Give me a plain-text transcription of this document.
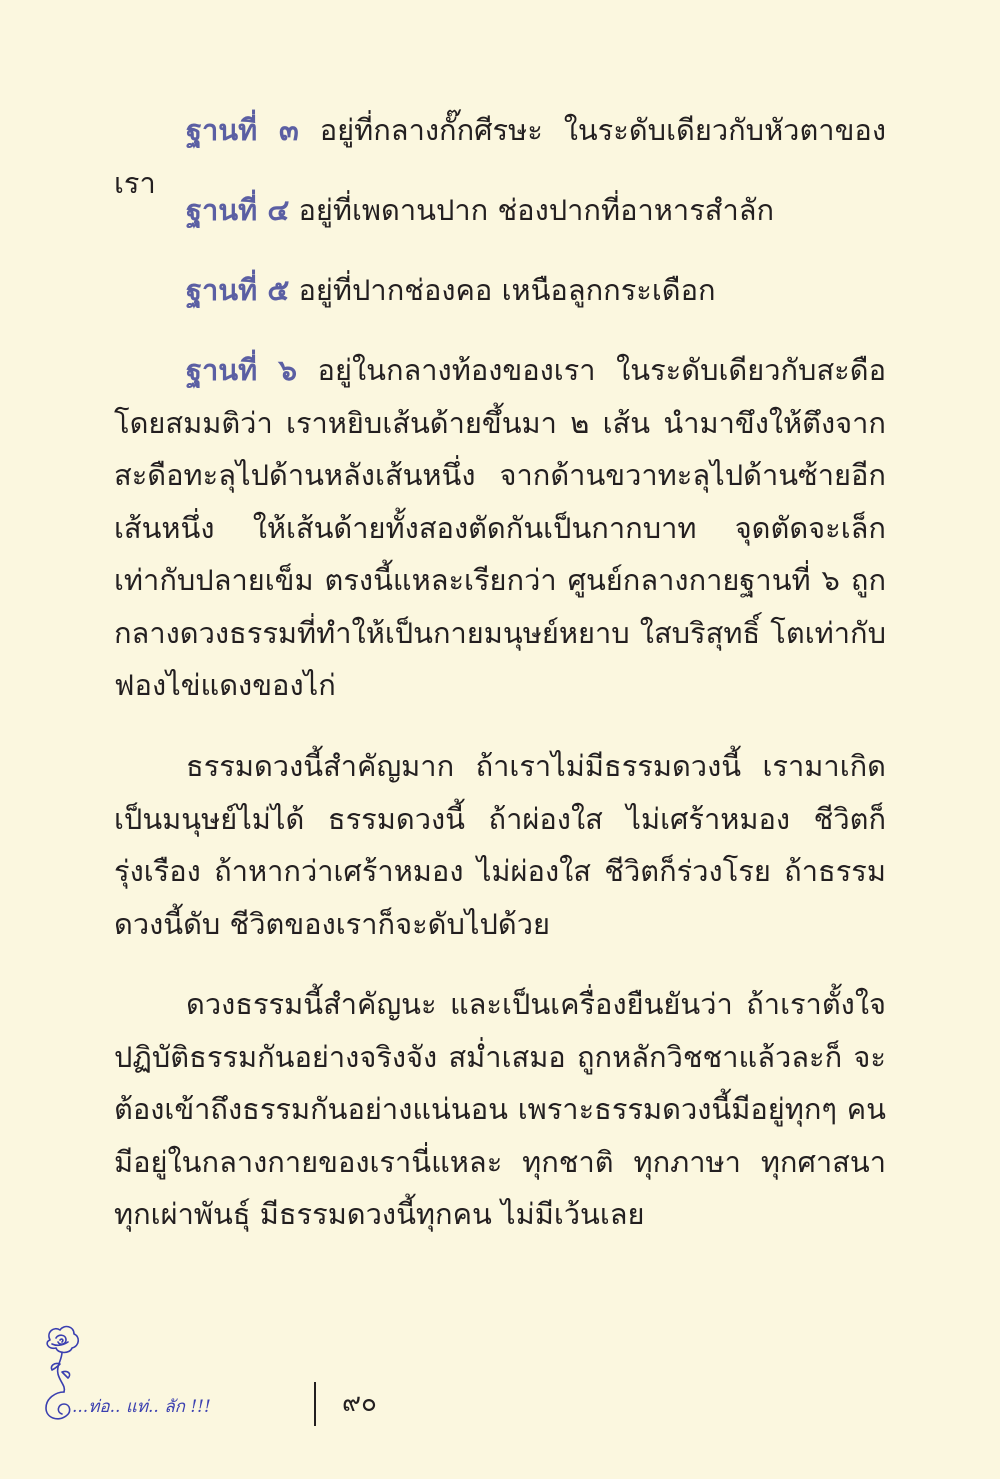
ฐานที่ ๓ อยู่ที่กลางกั๊กศีรษะ ในระดับเดียวกับหัวตาของเรา

ฐานที่ ๔ อยู่ที่เพดานปาก ช่องปากที่อาหารสำลัก

ฐานที่ ๕ อยู่ที่ปากช่องคอ เหนือลูกกระเดือก

ฐานที่ ๖ อยู่ในกลางท้องของเรา ในระดับเดียวกับสะดือ โดยสมมติว่า เราหยิบเส้นด้ายขึ้นมา ๒ เส้น นำมาขึงให้ตึงจากสะดือทะลุไปด้านหลังเส้นหนึ่ง จากด้านขวาทะลุไปด้านซ้ายอีกเส้นหนึ่ง ให้เส้นด้ายทั้งสองตัดกันเป็นกากบาท จุดตัดจะเล็กเท่ากับปลายเข็ม ตรงนี้แหละเรียกว่า ศูนย์กลางกายฐานที่ ๖ ถูกกลางดวงธรรมที่ทำให้เป็นกายมนุษย์หยาบ ใสบริสุทธิ์ โตเท่ากับฟองไข่แดงของไก่

ธรรมดวงนี้สำคัญมาก ถ้าเราไม่มีธรรมดวงนี้ เรามาเกิดเป็นมนุษย์ไม่ได้ ธรรมดวงนี้ ถ้าผ่องใส ไม่เศร้าหมอง ชีวิตก็รุ่งเรือง ถ้าหากว่าเศร้าหมอง ไม่ผ่องใส ชีวิตก็ร่วงโรย ถ้าธรรมดวงนี้ดับ ชีวิตของเราก็จะดับไปด้วย

ดวงธรรมนี้สำคัญนะ และเป็นเครื่องยืนยันว่า ถ้าเราตั้งใจ ปฏิบัติธรรมกันอย่างจริงจัง สม่ำเสมอ ถูกหลักวิชชาแล้วละก็ จะต้องเข้าถึงธรรมกันอย่างแน่นอน เพราะธรรมดวงนี้มีอยู่ทุกๆ คน มีอยู่ในกลางกายของเรานี่แหละ ทุกชาติ ทุกภาษา ทุกศาสนา ทุกเผ่าพันธุ์ มีธรรมดวงนี้ทุกคน ไม่มีเว้นเลย

...ท่อ.. แท่.. ลัก !!!	๙๐
